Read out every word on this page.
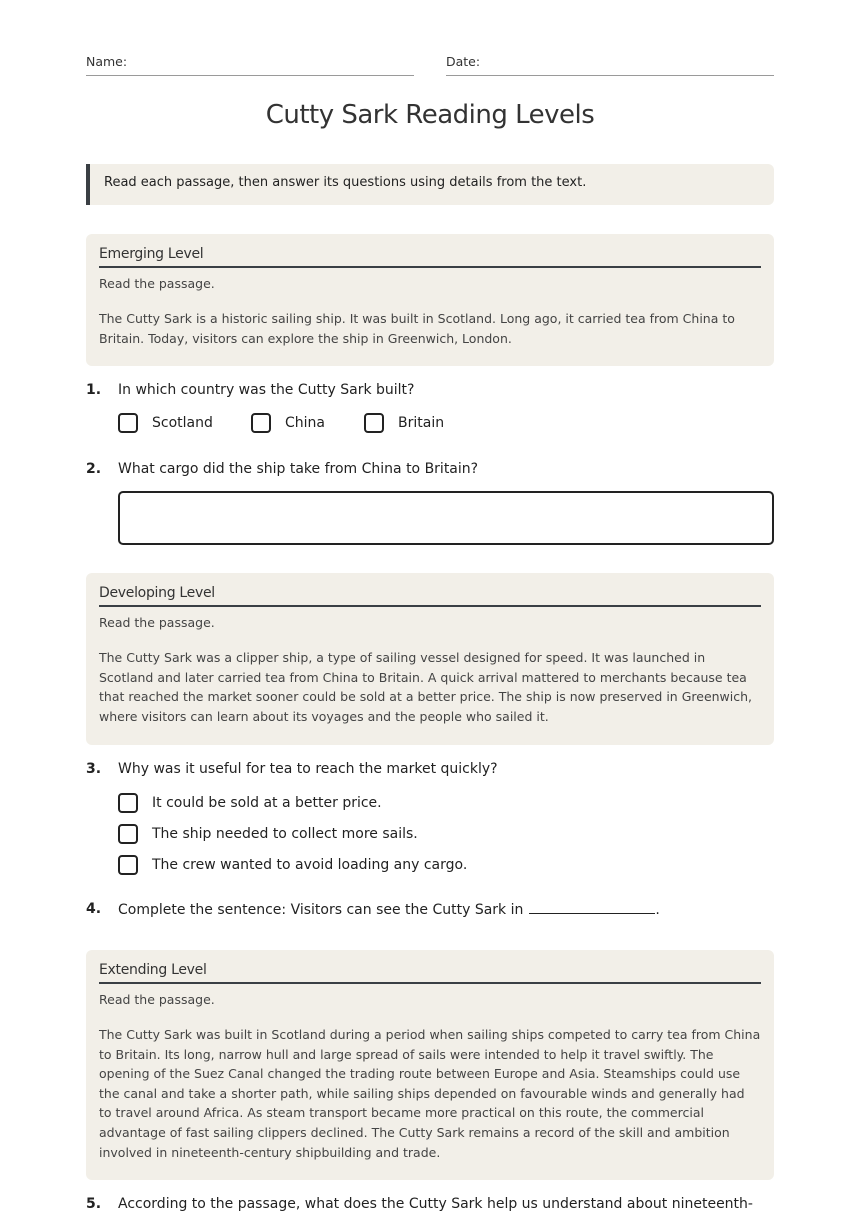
Name:	Date:
Cutty Sark Reading Levels
Read each passage, then answer its questions using details from the text.
Emerging Level
Read the passage.
The Cutty Sark is a historic sailing ship. It was built in Scotland. Long ago, it carried tea from China to Britain. Today, visitors can explore the ship in Greenwich, London.
1. In which country was the Cutty Sark built?
Scotland	China	Britain
2. What cargo did the ship take from China to Britain?
Developing Level
Read the passage.
The Cutty Sark was a clipper ship, a type of sailing vessel designed for speed. It was launched in Scotland and later carried tea from China to Britain. A quick arrival mattered to merchants because tea that reached the market sooner could be sold at a better price. The ship is now preserved in Greenwich, where visitors can learn about its voyages and the people who sailed it.
3. Why was it useful for tea to reach the market quickly?
It could be sold at a better price.
The ship needed to collect more sails.
The crew wanted to avoid loading any cargo.
4. Complete the sentence: Visitors can see the Cutty Sark in	.
Extending Level
Read the passage.
The Cutty Sark was built in Scotland during a period when sailing ships competed to carry tea from China to Britain. Its long, narrow hull and large spread of sails were intended to help it travel swiftly. The opening of the Suez Canal changed the trading route between Europe and Asia. Steamships could use the canal and take a shorter path, while sailing ships depended on favourable winds and generally had to travel around Africa. As steam transport became more practical on this route, the commercial advantage of fast sailing clippers declined. The Cutty Sark remains a record of the skill and ambition involved in nineteenth-century shipbuilding and trade.
5. According to the passage, what does the Cutty Sark help us understand about nineteenth-
